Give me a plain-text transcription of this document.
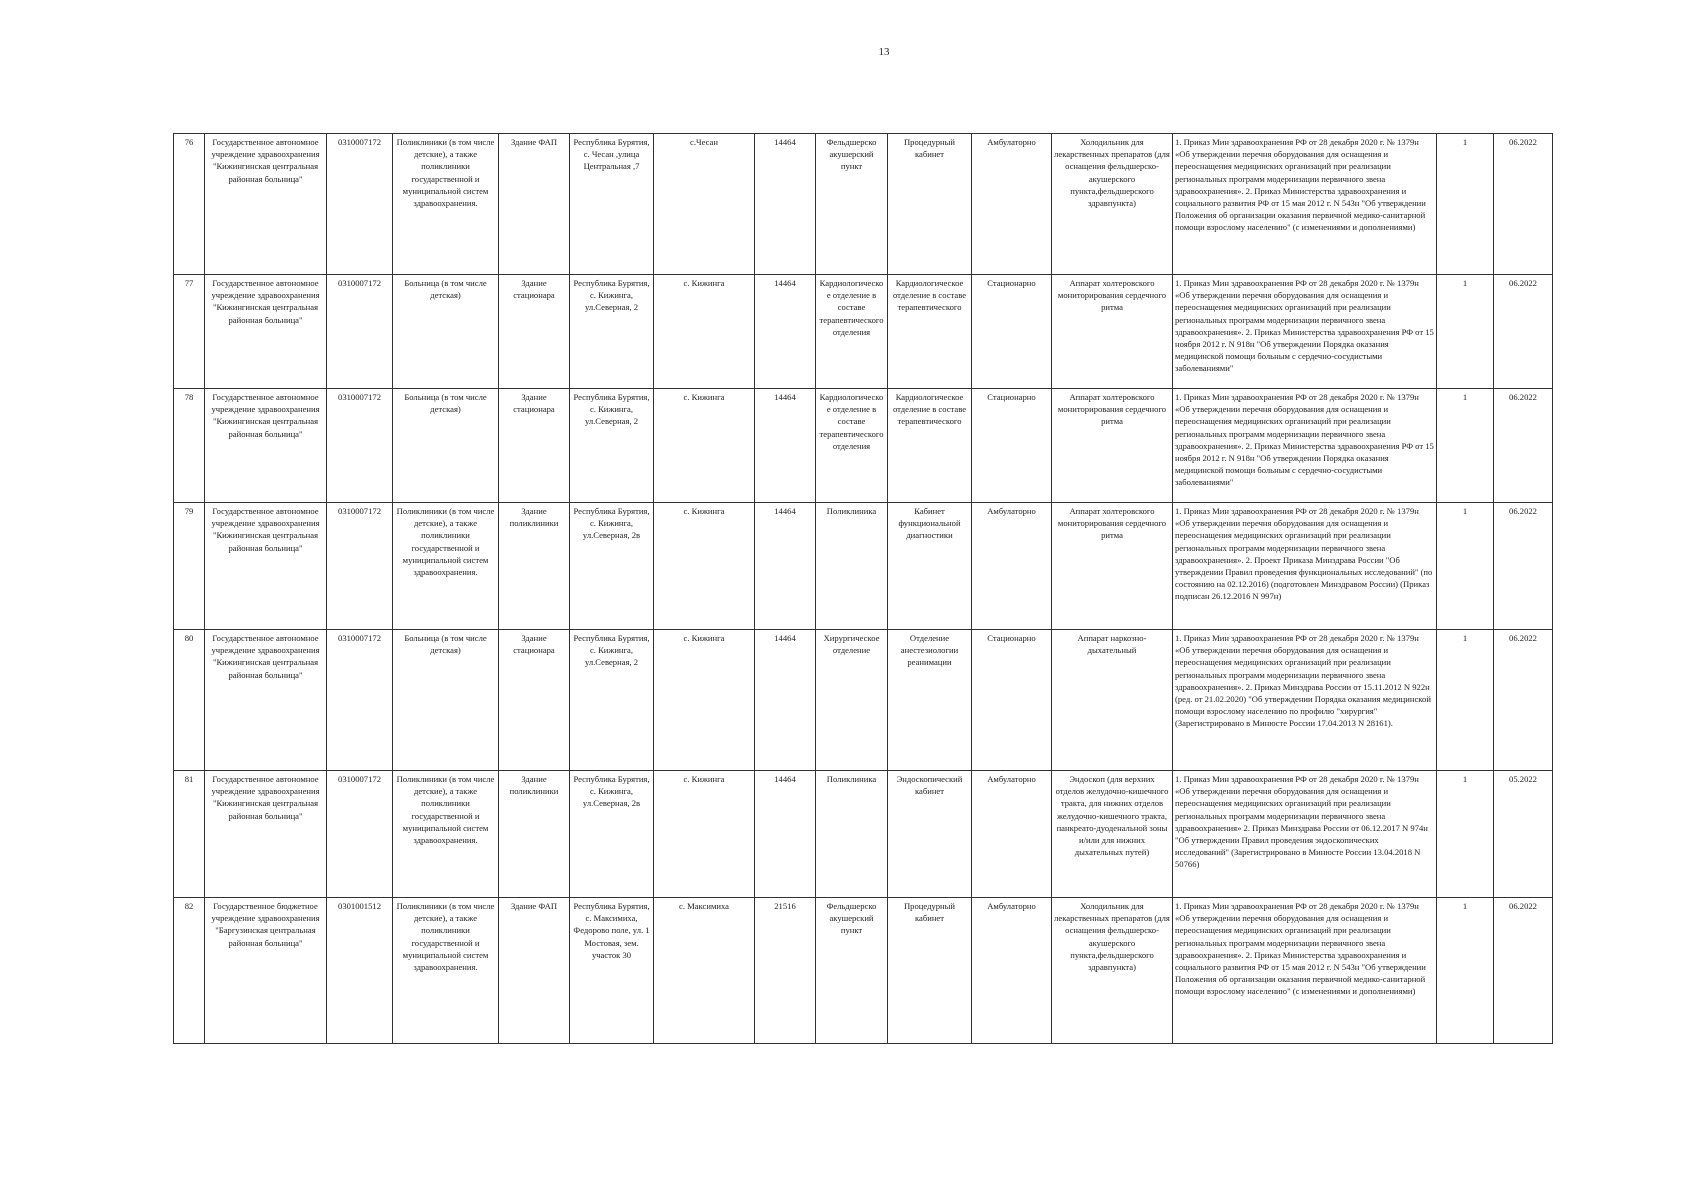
13
76	Государственное автономное учреждение здравоохранения "Кижингинская центральная районная больница"	0310007172	Поликлиники (в том числе детские), а также поликлиники государственной и муниципальной систем здравоохранения.	Здание ФАП	Республика Бурятия, с. Чесан ,улица Центральная ,7	с.Чесан	14464	Фельдшерско акушерский пункт	Процедурный кабинет	Амбулаторно	Холодильник для лекарственных препаратов (для оснащения фельдшерско-акушерского пункта,фельдшерского здравпункта)	1. Приказ Мин здравоохранения РФ от 28 декабря 2020 г. № 1379н «Об утверждении перечня оборудования для оснащения и переоснащения медицинских организаций при реализации региональных программ модернизации первичного звена здравоохранения». 2. Приказ Министерства здравоохранения и социального развития РФ от 15 мая 2012 г. N 543н "Об утверждении Положения об организации оказания первичной медико-санитарной помощи взрослому населению" (с изменениями и дополнениями)	1	06.2022
77	Государственное автономное учреждение здравоохранения "Кижингинская центральная районная больница"	0310007172	Больница (в том числе детская)	Здание стационара	Республика Бурятия, с. Кижинга, ул.Северная, 2	с. Кижинга	14464	Кардиологическое отделение в составе терапевтического отделения	Кардиологическое отделение в составе терапевтического	Стационарно	Аппарат холтеровского мониторирования сердечного ритма	1. Приказ Мин здравоохранения РФ от 28 декабря 2020 г. № 1379н «Об утверждении перечня оборудования для оснащения и переоснащения медицинских организаций при реализации региональных программ модернизации первичного звена здравоохранения». 2. Приказ Министерства здравоохранения РФ от 15 ноября 2012 г. N 918н "Об утверждении Порядка оказания медицинской помощи больным с сердечно-сосудистыми заболеваниями"	1	06.2022
78	Государственное автономное учреждение здравоохранения "Кижингинская центральная районная больница"	0310007172	Больница (в том числе детская)	Здание стационара	Республика Бурятия, с. Кижинга, ул.Северная, 2	с. Кижинга	14464	Кардиологическое отделение в составе терапевтического отделения	Кардиологическое отделение в составе терапевтического	Стационарно	Аппарат холтеровского мониторирования сердечного ритма	1. Приказ Мин здравоохранения РФ от 28 декабря 2020 г. № 1379н «Об утверждении перечня оборудования для оснащения и переоснащения медицинских организаций при реализации региональных программ модернизации первичного звена здравоохранения». 2. Приказ Министерства здравоохранения РФ от 15 ноября 2012 г. N 918н "Об утверждении Порядка оказания медицинской помощи больным с сердечно-сосудистыми заболеваниями"	1	06.2022
79	Государственное автономное учреждение здравоохранения "Кижингинская центральная районная больница"	0310007172	Поликлиники (в том числе детские), а также поликлиники государственной и муниципальной систем здравоохранения.	Здание поликлиники	Республика Бурятия, с. Кижинга, ул.Северная, 2в	с. Кижинга	14464	Поликлиника	Кабинет функциональной диагностики	Амбулаторно	Аппарат холтеровского мониторирования сердечного ритма	1. Приказ Мин здравоохранения РФ от 28 декабря 2020 г. № 1379н «Об утверждении перечня оборудования для оснащения и переоснащения медицинских организаций при реализации региональных программ модернизации первичного звена здравоохранения». 2. Проект Приказа Минздрава России "Об утверждении Правил проведения функциональных исследований" (по состоянию на 02.12.2016) (подготовлен Минздравом России) (Приказ подписан 26.12.2016 N 997н)	1	06.2022
80	Государственное автономное учреждение здравоохранения "Кижингинская центральная районная больница"	0310007172	Больница (в том числе детская)	Здание стационара	Республика Бурятия, с. Кижинга, ул.Северная, 2	с. Кижинга	14464	Хирургическое отделение	Отделение анестезиологии реанимации	Стационарно	Аппарат наркозно-дыхательный	1. Приказ Мин здравоохранения РФ от 28 декабря 2020 г. № 1379н «Об утверждении перечня оборудования для оснащения и переоснащения медицинских организаций при реализации региональных программ модернизации первичного звена здравоохранения». 2. Приказ Минздрава России от 15.11.2012 N 922н (ред. от 21.02.2020) "Об утверждении Порядка оказания медицинской помощи взрослому населению по профилю "хирургия" (Зарегистрировано в Минюсте России 17.04.2013 N 28161).	1	06.2022
81	Государственное автономное учреждение здравоохранения "Кижингинская центральная районная больница"	0310007172	Поликлиники (в том числе детские), а также поликлиники государственной и муниципальной систем здравоохранения.	Здание поликлиники	Республика Бурятия, с. Кижинга, ул.Северная, 2в	с. Кижинга	14464	Поликлиника	Эндоскопический кабинет	Амбулаторно	Эндоскоп (для верхних отделов желудочно-кишечного тракта, для нижних отделов желудочно-кишечного тракта, панкреато-дуоденальной зоны и/или для нижних дыхательных путей)	1. Приказ Мин здравоохранения РФ от 28 декабря 2020 г. № 1379н «Об утверждении перечня оборудования для оснащения и переоснащения медицинских организаций при реализации региональных программ модернизации первичного звена здравоохранения» 2. Приказ Минздрава России от 06.12.2017 N 974н "Об утверждении Правил проведения эндоскопических исследований" (Зарегистрировано в Минюсте России 13.04.2018 N 50766)	1	05.2022
82	Государственное бюджетное учреждение здравоохранения "Баргузинская центральная районная больница"	0301001512	Поликлиники (в том числе детские), а также поликлиники государственной и муниципальной систем здравоохранения.	Здание ФАП	Республика Бурятия, с. Максимиха, Федорово поле, ул. 1 Мостовая, зем. участок 30	с. Максимиха	21516	Фельдшерско акушерский пункт	Процедурный кабинет	Амбулаторно	Холодильник для лекарственных препаратов (для оснащения фельдшерско-акушерского пункта,фельдшерского здравпункта)	1. Приказ Мин здравоохранения РФ от 28 декабря 2020 г. № 1379н «Об утверждении перечня оборудования для оснащения и переоснащения медицинских организаций при реализации региональных программ модернизации первичного звена здравоохранения». 2. Приказ Министерства здравоохранения и социального развития РФ от 15 мая 2012 г. N 543н "Об утверждении Положения об организации оказания первичной медико-санитарной помощи взрослому населению" (с изменениями и дополнениями)	1	06.2022
